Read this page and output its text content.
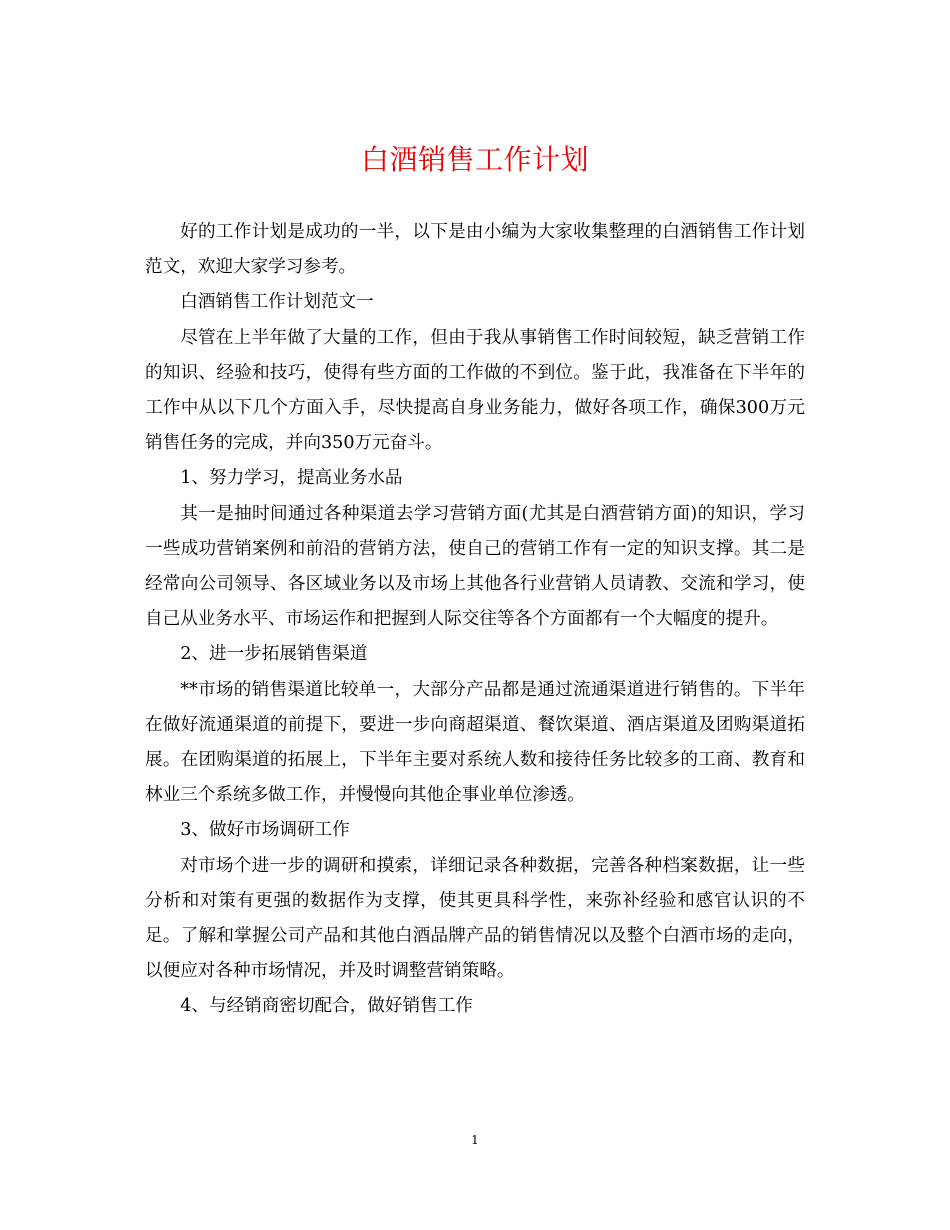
白酒销售工作计划

好的工作计划是成功的一半，以下是由小编为大家收集整理的白酒销售工作计划范文，欢迎大家学习参考。

白酒销售工作计划范文一

尽管在上半年做了大量的工作，但由于我从事销售工作时间较短，缺乏营销工作的知识、经验和技巧，使得有些方面的工作做的不到位。鉴于此，我准备在下半年的工作中从以下几个方面入手，尽快提高自身业务能力，做好各项工作，确保300万元销售任务的完成，并向350万元奋斗。

1、努力学习，提高业务水品

其一是抽时间通过各种渠道去学习营销方面(尤其是白酒营销方面)的知识，学习一些成功营销案例和前沿的营销方法，使自己的营销工作有一定的知识支撑。其二是经常向公司领导、各区域业务以及市场上其他各行业营销人员请教、交流和学习，使自己从业务水平、市场运作和把握到人际交往等各个方面都有一个大幅度的提升。

2、进一步拓展销售渠道

**市场的销售渠道比较单一，大部分产品都是通过流通渠道进行销售的。下半年在做好流通渠道的前提下，要进一步向商超渠道、餐饮渠道、酒店渠道及团购渠道拓展。在团购渠道的拓展上，下半年主要对系统人数和接待任务比较多的工商、教育和林业三个系统多做工作，并慢慢向其他企事业单位渗透。

3、做好市场调研工作

对市场个进一步的调研和摸索，详细记录各种数据，完善各种档案数据，让一些分析和对策有更强的数据作为支撑，使其更具科学性，来弥补经验和感官认识的不足。了解和掌握公司产品和其他白酒品牌产品的销售情况以及整个白酒市场的走向，以便应对各种市场情况，并及时调整营销策略。

4、与经销商密切配合，做好销售工作

1
